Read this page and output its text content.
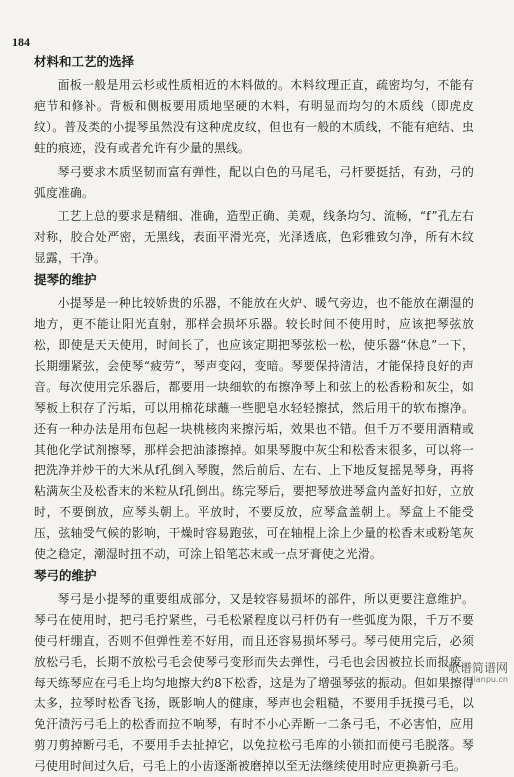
184
材料和工艺的选择

面板一般是用云杉或性质相近的木料做的。木料纹理正直，疏密均匀，不能有疤节和修补。背板和侧板要用质地坚硬的木料，有明显而均匀的木质线（即虎皮纹）。普及类的小提琴虽然没有这种虎皮纹，但也有一般的木质线，不能有疤结、虫蛀的痕迹，没有或者允许有少量的黑线。

琴弓要求木质坚韧而富有弹性，配以白色的马尾毛，弓杆要挺括，有劲，弓的弧度准确。

工艺上总的要求是精细、准确，造型正确、美观，线条均匀、流畅，“f”孔左右对称，胶合处严密，无黑线，表面平滑光亮，光泽透底，色彩雅致匀净，所有木纹显露，干净。

提琴的维护

小提琴是一种比较娇贵的乐器，不能放在火炉、暖气旁边，也不能放在潮湿的地方，更不能让阳光直射，那样会损坏乐器。较长时间不使用时，应该把琴弦放松，即使是天天使用，时间长了，也应该定期把琴弦松一松，使乐器“休息”一下，长期绷紧弦，会使琴“疲劳”，琴声变闷，变暗。琴要保持清洁，才能保持良好的声音。每次使用完乐器后，都要用一块细软的布擦净琴上和弦上的松香粉和灰尘，如琴板上积存了污垢，可以用棉花球蘸一些肥皂水轻轻擦拭，然后用干的软布擦净。还有一种办法是用布包起一块桃核肉来擦污垢，效果也不错。但千万不要用酒精或其他化学试剂擦琴，那样会把油漆擦掉。如果琴腹中灰尘和松香末很多，可以将一把洗净并炒干的大米从f孔倒入琴腹，然后前后、左右、上下地反复摇晃琴身，再将粘满灰尘及松香末的米粒从f孔倒出。练完琴后，要把琴放进琴盒内盖好扣好，立放时，不要倒放，应琴头朝上。平放时，不要反放，应琴盒盖朝上。琴盒上不能受压，弦轴受气候的影响，干燥时容易跑弦，可在轴棍上涂上少量的松香末或粉笔灰使之稳定，潮湿时扭不动，可涂上铅笔芯末或一点牙膏使之光滑。

琴弓的维护

琴弓是小提琴的重要组成部分，又是较容易损坏的部件，所以更要注意维护。琴弓在使用时，把弓毛拧紧些，弓毛松紧程度以弓杆仍有一些弧度为限，千万不要使弓杆绷直，否则不但弹性差不好用，而且还容易损坏琴弓。琴弓使用完后，必须放松弓毛，长期不放松弓毛会使琴弓变形而失去弹性，弓毛也会因被拉长而报废。每天练琴应在弓毛上均匀地擦大约8下松香，这是为了增强琴弦的振动。但如果擦得太多，拉琴时松香飞扬，既影响人的健康，琴声也会粗糙，不要用手抚摸弓毛，以免汗渍污弓毛上的松香而拉不响琴，有时不小心弄断一二条弓毛，不必害怕，应用剪刀剪掉断弓毛，不要用手去扯掉它，以免拉松弓毛库的小锁扣而使弓毛脱落。琴弓使用时间过久后，弓毛上的小齿逐渐被磨掉以至无法继续使用时应更换新弓毛。

歌谱简谱网
jianpu.cn
